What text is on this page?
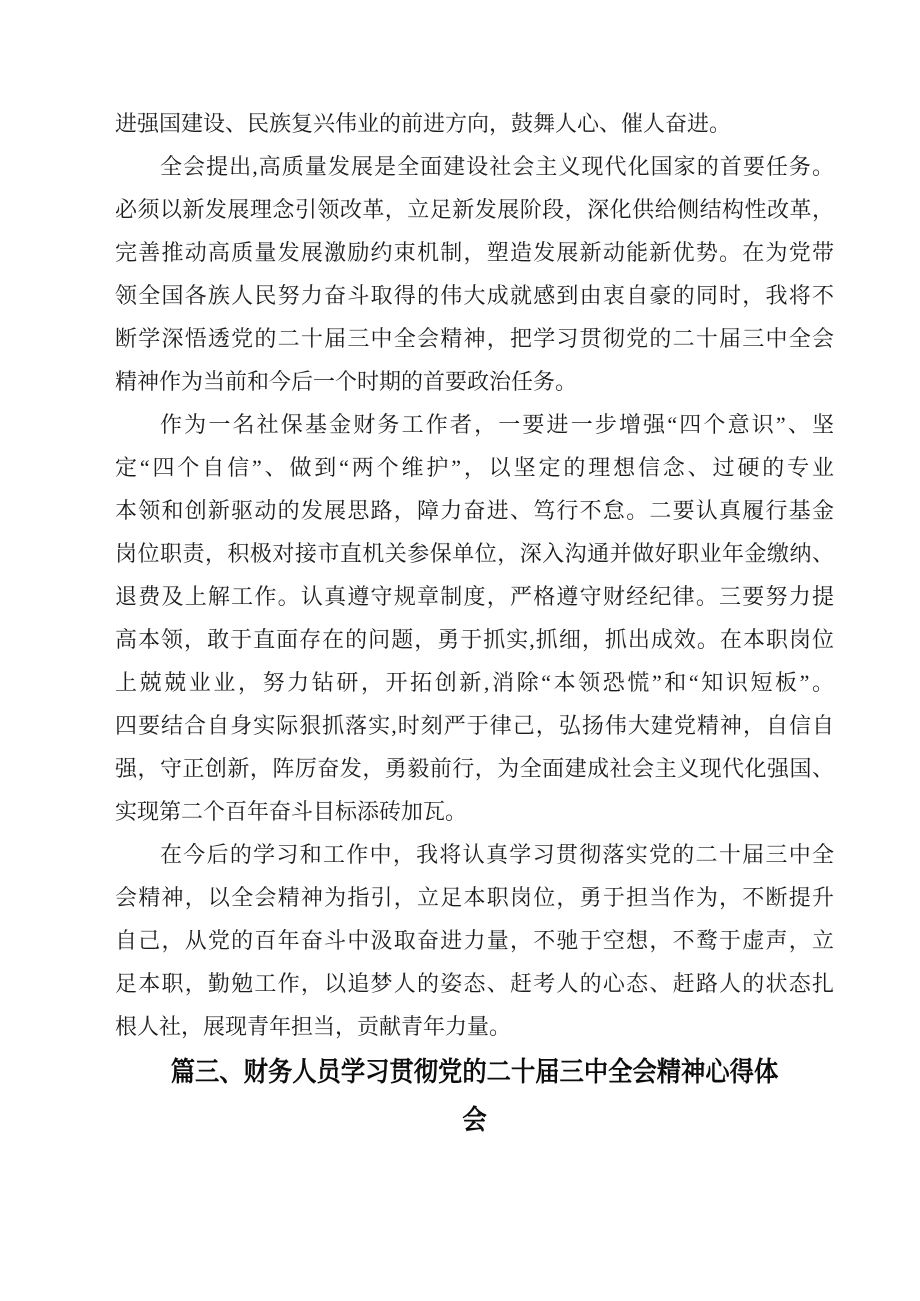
进强国建设、民族复兴伟业的前进方向，鼓舞人心、催人奋进。
全会提出,高质量发展是全面建设社会主义现代化国家的首要任务。
必须以新发展理念引领改革，立足新发展阶段，深化供给侧结构性改革，
完善推动高质量发展激励约束机制，塑造发展新动能新优势。在为党带
领全国各族人民努力奋斗取得的伟大成就感到由衷自豪的同时，我将不
断学深悟透党的二十届三中全会精神，把学习贯彻党的二十届三中全会
精神作为当前和今后一个时期的首要政治任务。
作为一名社保基金财务工作者，一要进一步增强“四个意识”、坚
定“四个自信”、做到“两个维护”，以坚定的理想信念、过硬的专业
本领和创新驱动的发展思路，障力奋进、笃行不怠。二要认真履行基金
岗位职责，积极对接市直机关参保单位，深入沟通并做好职业年金缴纳、
退费及上解工作。认真遵守规章制度，严格遵守财经纪律。三要努力提
高本领，敢于直面存在的问题，勇于抓实,抓细，抓出成效。在本职岗位
上兢兢业业，努力钻研，开拓创新,消除“本领恐慌”和“知识短板”。
四要结合自身实际狠抓落实,时刻严于律己，弘扬伟大建党精神，自信自
强，守正创新，阵厉奋发，勇毅前行，为全面建成社会主义现代化强国、
实现第二个百年奋斗目标添砖加瓦。
在今后的学习和工作中，我将认真学习贯彻落实党的二十届三中全
会精神，以全会精神为指引，立足本职岗位，勇于担当作为，不断提升
自己，从党的百年奋斗中汲取奋进力量，不驰于空想，不鹜于虚声，立
足本职，勤勉工作，以追梦人的姿态、赶考人的心态、赶路人的状态扎
根人社，展现青年担当，贡献青年力量。
篇三、财务人员学习贯彻党的二十届三中全会精神心得体
会
